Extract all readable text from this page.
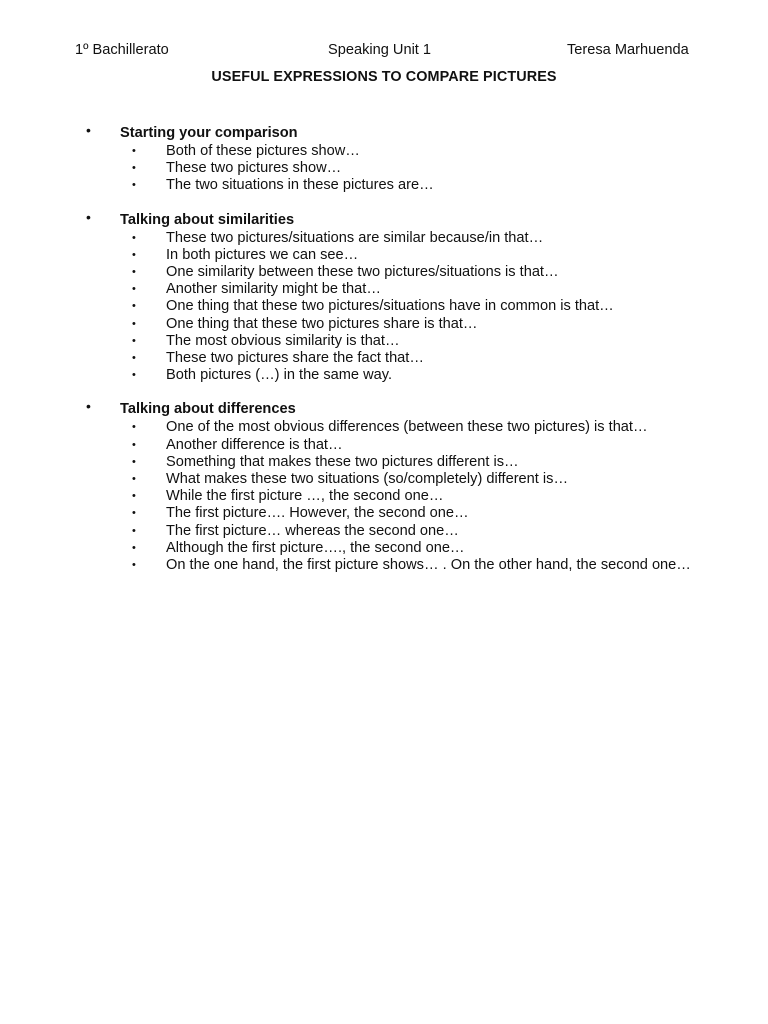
1º Bachillerato	Speaking Unit 1	Teresa Marhuenda
USEFUL EXPRESSIONS TO COMPARE PICTURES
• Starting your comparison
• Both of these pictures show…
• These two pictures show…
• The two situations in these pictures are…
• Talking about similarities
• These two pictures/situations are similar because/in that…
• In both pictures we can see…
• One similarity between these two pictures/situations is that…
• Another similarity might be that…
• One thing that these two pictures/situations have in common is that…
• One thing that these two pictures share is that…
• The most obvious similarity is that…
• These two pictures share the fact that…
• Both pictures (…) in the same way.
• Talking about differences
• One of the most obvious differences (between these two pictures) is that…
• Another difference is that…
• Something that makes these two pictures different is…
• What makes these two situations (so/completely) different is…
• While the first picture …, the second one…
• The first picture…. However, the second one…
• The first picture… whereas the second one…
• Although the first picture…., the second one…
• On the one hand, the first picture shows… . On the other hand, the second one…
